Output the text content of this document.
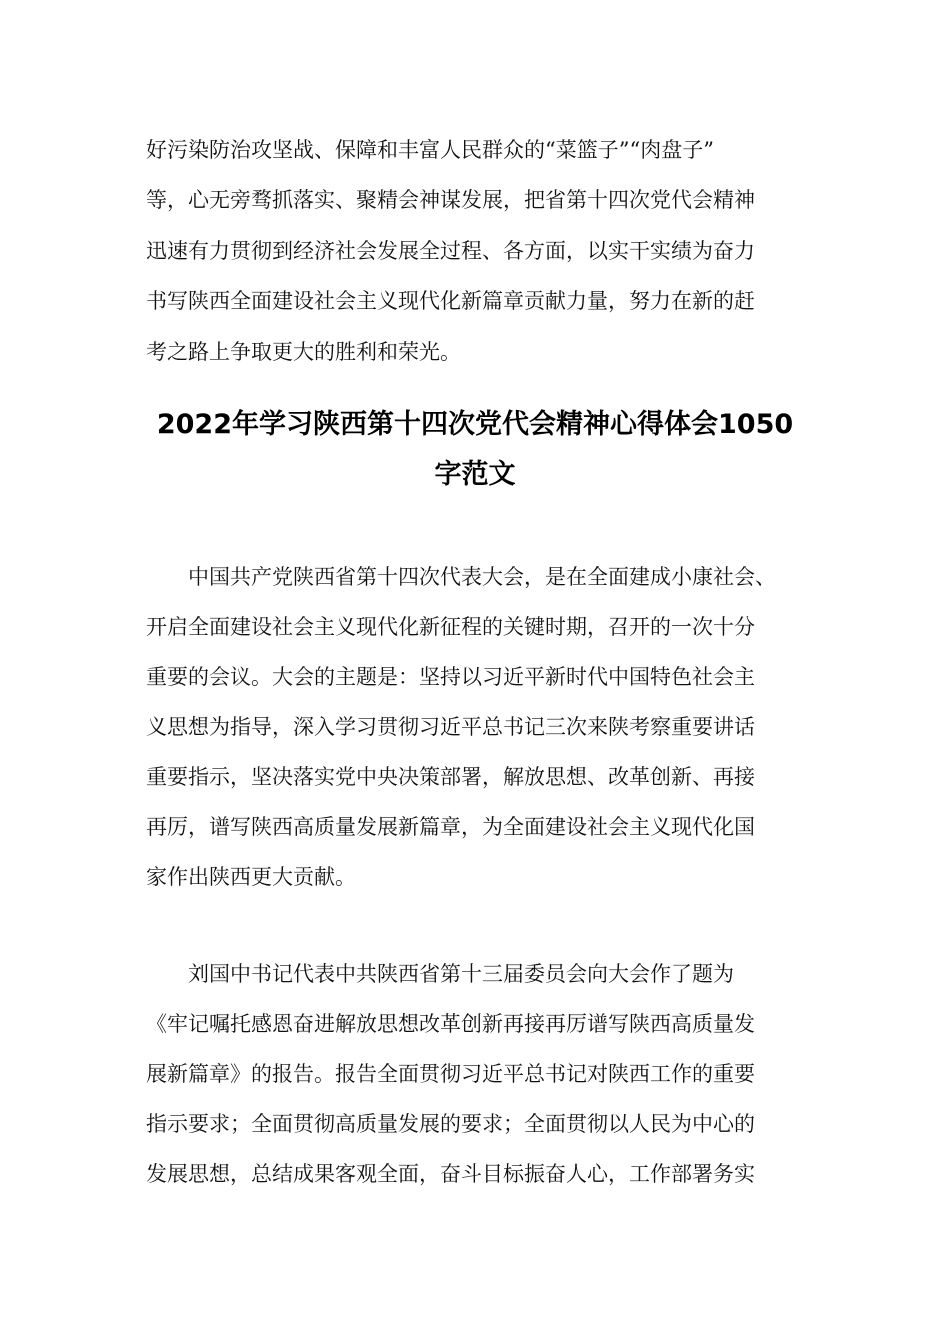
好污染防治攻坚战、保障和丰富人民群众的“菜篮子”“肉盘子”
等，心无旁骛抓落实、聚精会神谋发展，把省第十四次党代会精神
迅速有力贯彻到经济社会发展全过程、各方面，以实干实绩为奋力
书写陕西全面建设社会主义现代化新篇章贡献力量，努力在新的赶
考之路上争取更大的胜利和荣光。
2022年学习陕西第十四次党代会精神心得体会1050
字范文
中国共产党陕西省第十四次代表大会，是在全面建成小康社会、
开启全面建设社会主义现代化新征程的关键时期，召开的一次十分
重要的会议。大会的主题是：坚持以习近平新时代中国特色社会主
义思想为指导，深入学习贯彻习近平总书记三次来陕考察重要讲话
重要指示，坚决落实党中央决策部署，解放思想、改革创新、再接
再厉，谱写陕西高质量发展新篇章，为全面建设社会主义现代化国
家作出陕西更大贡献。
刘国中书记代表中共陕西省第十三届委员会向大会作了题为
《牢记嘱托感恩奋进解放思想改革创新再接再厉谱写陕西高质量发
展新篇章》的报告。报告全面贯彻习近平总书记对陕西工作的重要
指示要求；全面贯彻高质量发展的要求；全面贯彻以人民为中心的
发展思想，总结成果客观全面，奋斗目标振奋人心，工作部署务实
